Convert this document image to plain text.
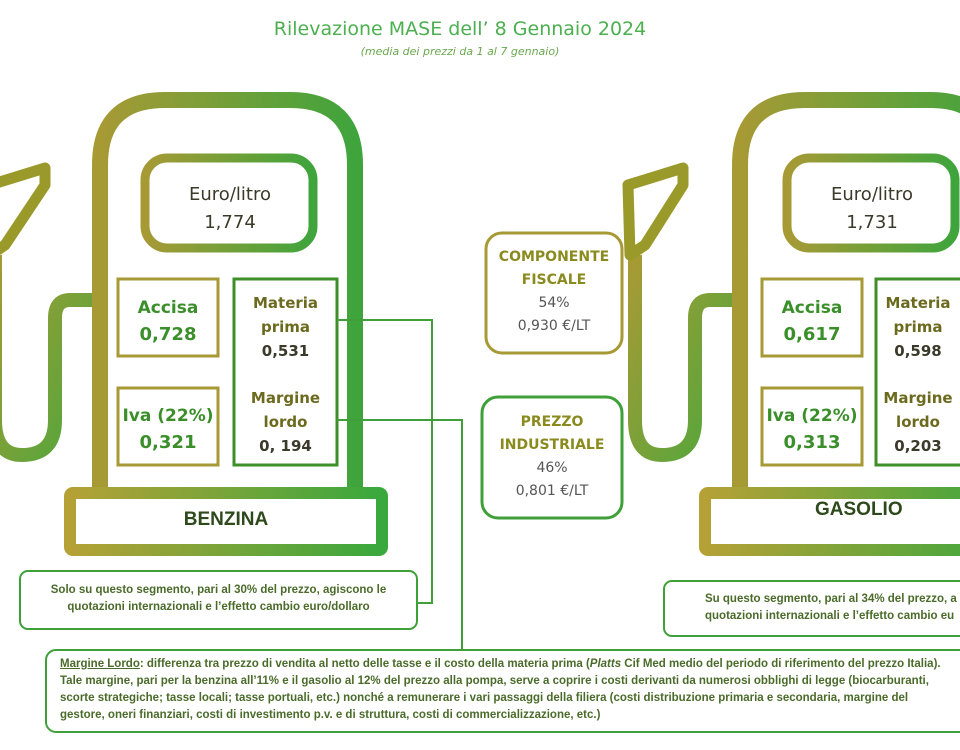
Rilevazione MASE dell’ 8 Gennaio 2024
(media dei prezzi da 1 al 7 gennaio)
Euro/litro
1,774
Accisa
0,728
Iva (22%)
0,321
Materia
prima
0,531
Margine
lordo
0, 194
BENZINA
Euro/litro
1,731
Accisa
0,617
Iva (22%)
0,313
Materia
prima
0,598
Margine
lordo
0,203
GASOLIO
COMPONENTE
FISCALE
54%
0,930 €/LT
PREZZO
INDUSTRIALE
46%
0,801 €/LT
Solo su questo segmento, pari al 30% del prezzo, agiscono le
quotazioni internazionali e l’effetto cambio euro/dollaro
Su questo segmento, pari al 34% del prezzo, a
quotazioni internazionali e l’effetto cambio eu
Margine Lordo: differenza tra prezzo di vendita al netto delle tasse e il costo della materia prima (Platts Cif Med medio del periodo di riferimento del prezzo Italia).
Tale margine, pari per la benzina all’11% e il gasolio al 12% del prezzo alla pompa, serve a coprire i costi derivanti da numerosi obblighi di legge (biocarburanti,
scorte strategiche; tasse locali; tasse portuali, etc.) nonché a remunerare i vari passaggi della filiera (costi distribuzione primaria e secondaria, margine del
gestore, oneri finanziari, costi di investimento p.v. e di struttura, costi di commercializzazione, etc.)
